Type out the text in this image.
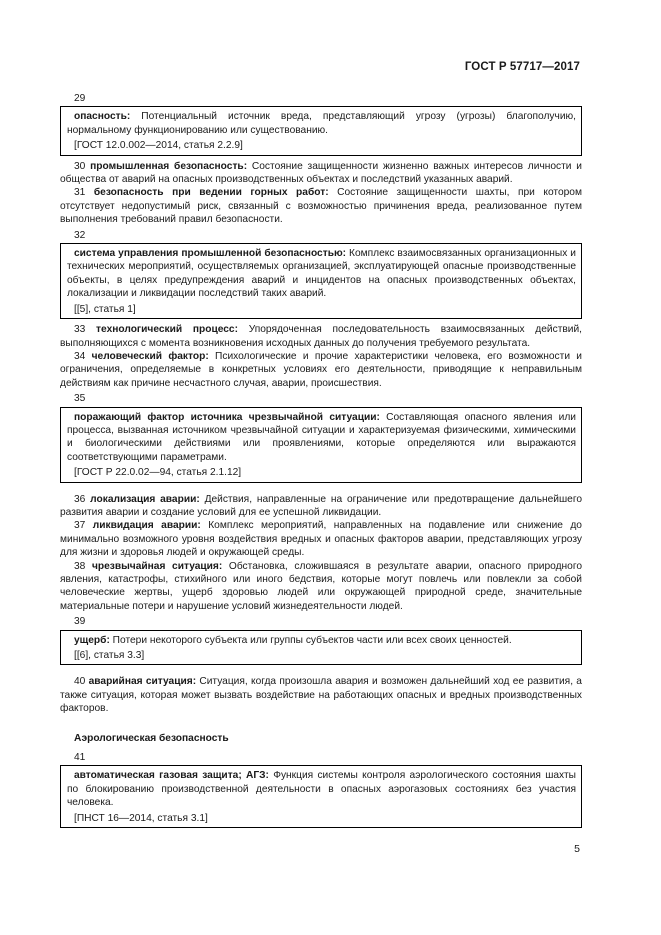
ГОСТ Р 57717—2017
29

опасность: Потенциальный источник вреда, представляющий угрозу (угрозы) благополучию, нормальному функционированию или существованию.

[ГОСТ 12.0.002—2014, статья 2.2.9]

30 промышленная безопасность: Состояние защищенности жизненно важных интересов личности и общества от аварий на опасных производственных объектах и последствий указанных аварий.

31 безопасность при ведении горных работ: Состояние защищенности шахты, при котором отсутствует недопустимый риск, связанный с возможностью причинения вреда, реализованное путем выполнения требований правил безопасности.

32

система управления промышленной безопасностью: Комплекс взаимосвязанных организационных и технических мероприятий, осуществляемых организацией, эксплуатирующей опасные производственные объекты, в целях предупреждения аварий и инцидентов на опасных производственных объектах, локализации и ликвидации последствий таких аварий.

[[5], статья 1]

33 технологический процесс: Упорядоченная последовательность взаимосвязанных действий, выполняющихся с момента возникновения исходных данных до получения требуемого результата.

34 человеческий фактор: Психологические и прочие характеристики человека, его возможности и ограничения, определяемые в конкретных условиях его деятельности, приводящие к неправильным действиям как причине несчастного случая, аварии, происшествия.

35

поражающий фактор источника чрезвычайной ситуации: Составляющая опасного явления или процесса, вызванная источником чрезвычайной ситуации и характеризуемая физическими, химическими и биологическими действиями или проявлениями, которые определяются или выражаются соответствующими параметрами.

[ГОСТ Р 22.0.02—94, статья 2.1.12]

36 локализация аварии: Действия, направленные на ограничение или предотвращение дальнейшего развития аварии и создание условий для ее успешной ликвидации.

37 ликвидация аварии: Комплекс мероприятий, направленных на подавление или снижение до минимально возможного уровня воздействия вредных и опасных факторов аварии, представляющих угрозу для жизни и здоровья людей и окружающей среды.

38 чрезвычайная ситуация: Обстановка, сложившаяся в результате аварии, опасного природного явления, катастрофы, стихийного или иного бедствия, которые могут повлечь или повлекли за собой человеческие жертвы, ущерб здоровью людей или окружающей природной среде, значительные материальные потери и нарушение условий жизнедеятельности людей.

39

ущерб: Потери некоторого субъекта или группы субъектов части или всех своих ценностей.

[[6], статья 3.3]

40 аварийная ситуация: Ситуация, когда произошла авария и возможен дальнейший ход ее развития, а также ситуация, которая может вызвать воздействие на работающих опасных и вредных производственных факторов.

Аэрологическая безопасность
41

автоматическая газовая защита; АГЗ: Функция системы контроля аэрологического состояния шахты по блокированию производственной деятельности в опасных аэрогазовых состояниях без участия человека.

[ПНСТ 16—2014, статья 3.1]

5
